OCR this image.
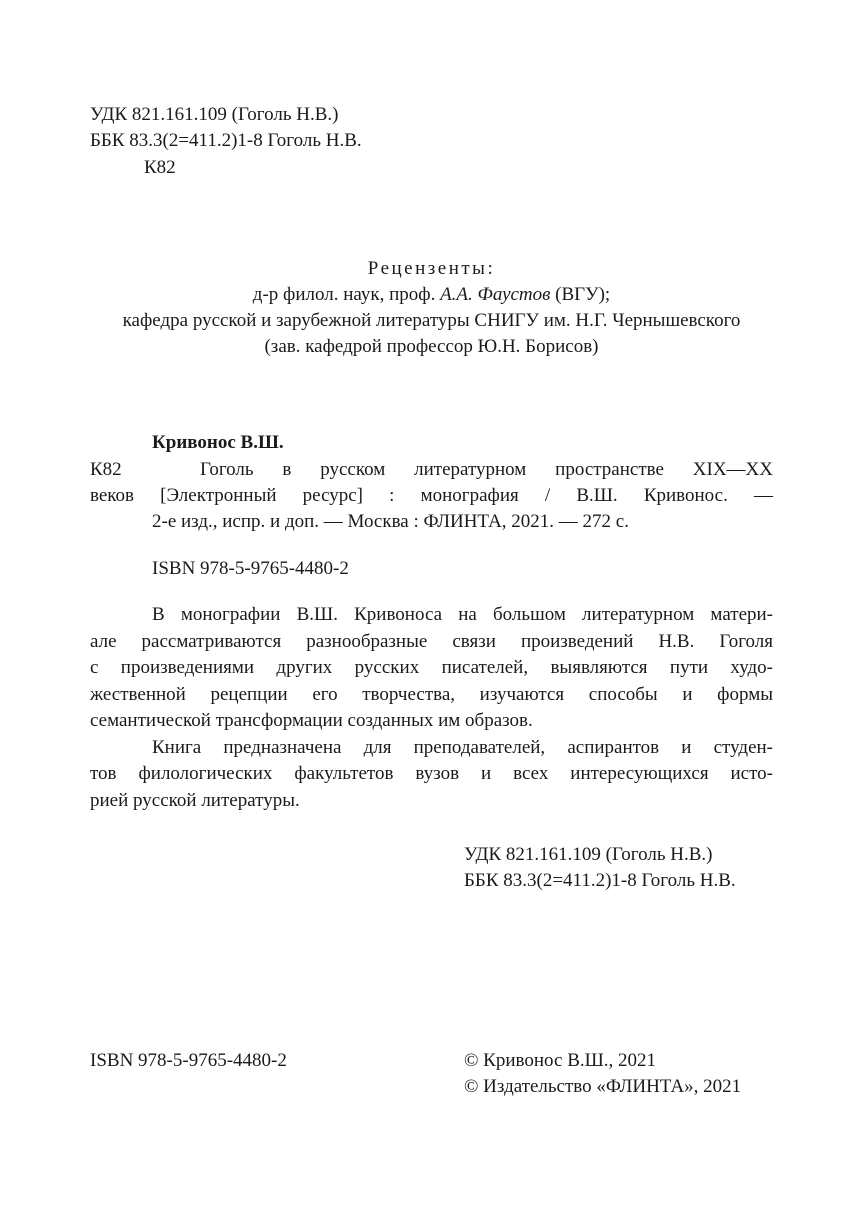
УДК 821.161.109 (Гоголь Н.В.)
ББК 83.3(2=411.2)1-8 Гоголь Н.В.
К82
Рецензенты:
д-р филол. наук, проф. А.А. Фаустов (ВГУ);
кафедра русской и зарубежной литературы СНИГУ им. Н.Г. Чернышевского
(зав. кафедрой профессор Ю.Н. Борисов)
Кривонос В.Ш.
К82	Гоголь в русском литературном пространстве XIX—XX
веков [Электронный ресурс] : монография / В.Ш. Кривонос. —
2-е изд., испр. и доп. — Москва : ФЛИНТА, 2021. — 272 с.
ISBN 978-5-9765-4480-2
В монографии В.Ш. Кривоноса на большом литературном матери-
але рассматриваются разнообразные связи произведений Н.В. Гоголя
с произведениями других русских писателей, выявляются пути худо-
жественной рецепции его творчества, изучаются способы и формы
семантической трансформации созданных им образов.
Книга предназначена для преподавателей, аспирантов и студен-
тов филологических факультетов вузов и всех интересующихся исто-
рией русской литературы.
УДК 821.161.109 (Гоголь Н.В.)
ББК 83.3(2=411.2)1-8 Гоголь Н.В.
ISBN 978-5-9765-4480-2	© Кривонос В.Ш., 2021
© Издательство «ФЛИНТА», 2021
